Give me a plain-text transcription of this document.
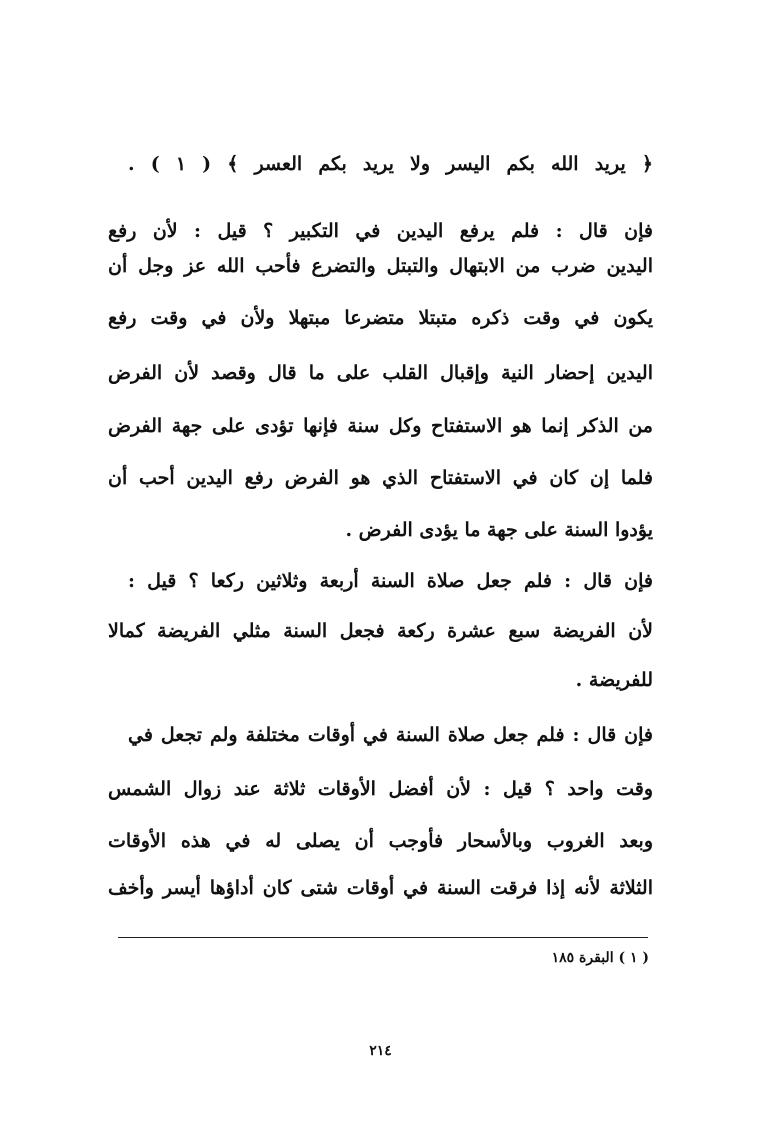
﴿ يريد الله بكم اليسر ولا يريد بكم العسر ﴾ ( ١ ) .
فإن قال : فلم يرفع اليدين في التكبير ؟ قيل : لأن رفع
اليدين ضرب من الابتهال والتبتل والتضرع فأحب الله عز وجل أن
يكون في وقت ذكره متبتلا متضرعا مبتهلا ولأن في وقت رفع
اليدين إحضار النية وإقبال القلب على ما قال وقصد لأن الفرض
من الذكر إنما هو الاستفتاح وكل سنة فإنها تؤدى على جهة الفرض
فلما إن كان في الاستفتاح الذي هو الفرض رفع اليدين أحب أن
يؤدوا السنة على جهة ما يؤدى الفرض .
فإن قال : فلم جعل صلاة السنة أربعة وثلاثين ركعا ؟ قيل :
لأن الفريضة سبع عشرة ركعة فجعل السنة مثلي الفريضة كمالا
للفريضة .
فإن قال : فلم جعل صلاة السنة في أوقات مختلفة ولم تجعل في
وقت واحد ؟ قيل : لأن أفضل الأوقات ثلاثة عند زوال الشمس
وبعد الغروب وبالأسحار فأوجب أن يصلى له في هذه الأوقات
الثلاثة لأنه إذا فرقت السنة في أوقات شتى كان أداؤها أيسر وأخف
( ١ ) البقرة ١٨٥
٢١٤
